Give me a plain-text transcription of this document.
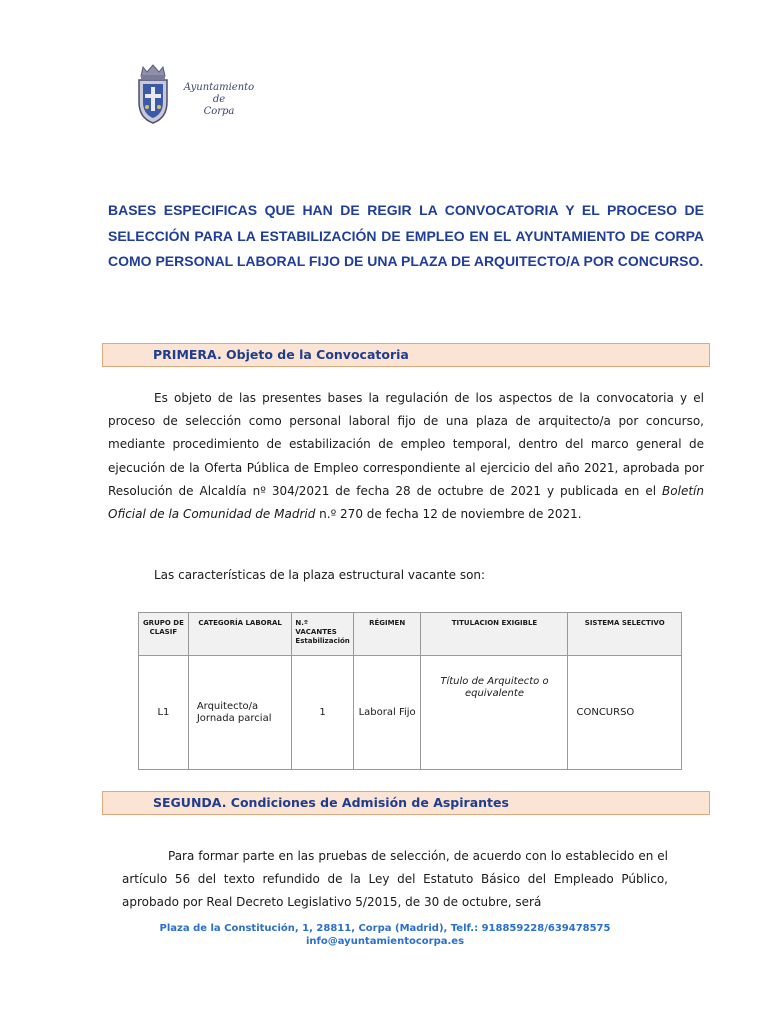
Ayuntamiento
de
Corpa
BASES ESPECIFICAS QUE HAN DE REGIR LA CONVOCATORIA Y EL PROCESO DE SELECCIÓN PARA LA ESTABILIZACIÓN DE EMPLEO EN EL AYUNTAMIENTO DE CORPA COMO PERSONAL LABORAL FIJO DE UNA PLAZA DE ARQUITECTO/A POR CONCURSO.
PRIMERA. Objeto de la Convocatoria
Es objeto de las presentes bases la regulación de los aspectos de la convocatoria y el proceso de selección como personal laboral fijo de una plaza de arquitecto/a por concurso, mediante procedimiento de estabilización de empleo temporal, dentro del marco general de ejecución de la Oferta Pública de Empleo correspondiente al ejercicio del año 2021, aprobada por Resolución de Alcaldía nº 304/2021 de fecha 28 de octubre de 2021 y publicada en el Boletín Oficial de la Comunidad de Madrid n.º 270 de fecha 12 de noviembre de 2021.
Las características de la plaza estructural vacante son:
GRUPO DE CLASIF	CATEGORÍA LABORAL	N.º VACANTES Estabilización	RÉGIMEN	TITULACION EXIGIBLE	SISTEMA SELECTIVO
L1	Arquitecto/a Jornada parcial	1	Laboral Fijo	Título de Arquitecto o equivalente	CONCURSO
SEGUNDA. Condiciones de Admisión de Aspirantes
Para formar parte en las pruebas de selección, de acuerdo con lo establecido en el artículo 56 del texto refundido de la Ley del Estatuto Básico del Empleado Público, aprobado por Real Decreto Legislativo 5/2015, de 30 de octubre, será
Plaza de la Constitución, 1, 28811, Corpa (Madrid), Telf.: 918859228/639478575
info@ayuntamientocorpa.es
